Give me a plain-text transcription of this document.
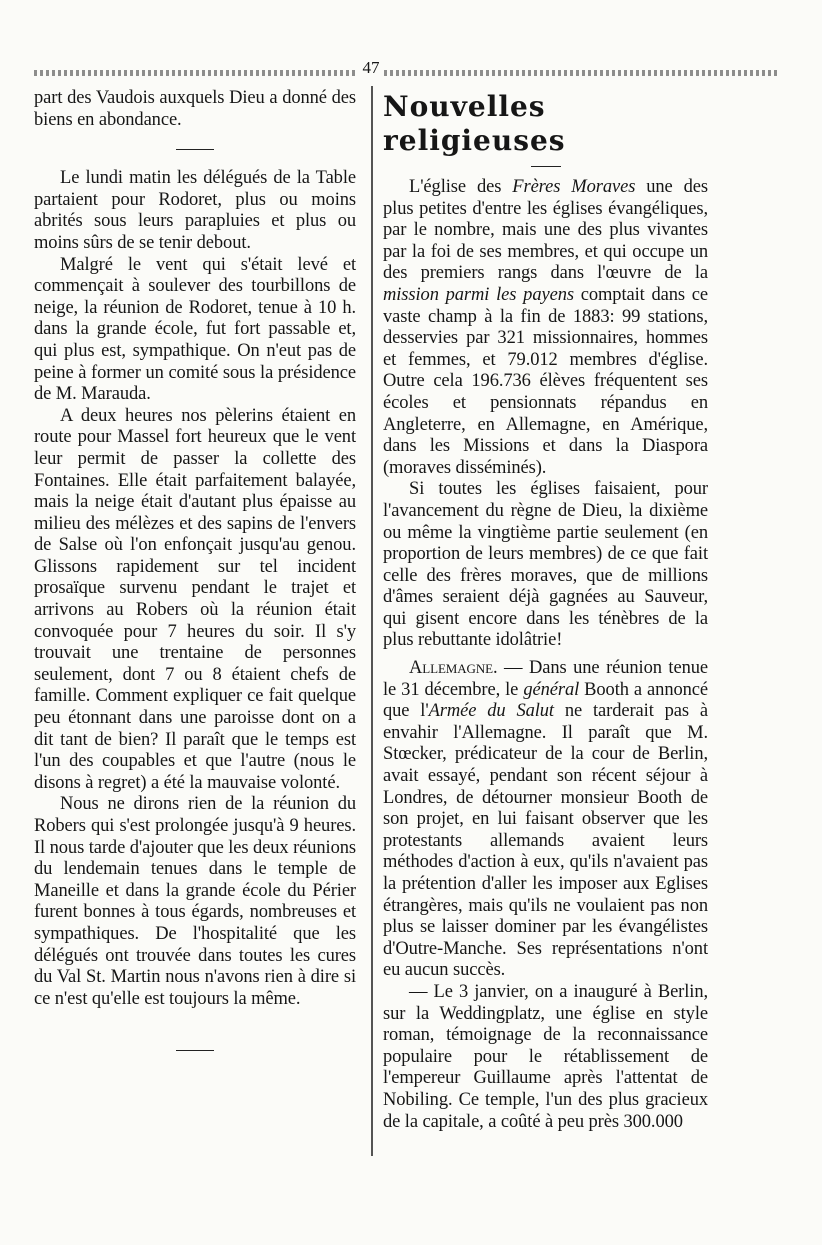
47

part des Vaudois auxquels Dieu a donné des biens en abondance.

Le lundi matin les délégués de la Table partaient pour Rodoret, plus ou moins abrités sous leurs parapluies et plus ou moins sûrs de se tenir debout.

Malgré le vent qui s'était levé et commençait à soulever des tourbillons de neige, la réunion de Rodoret, tenue à 10 h. dans la grande école, fut fort passable et, qui plus est, sympathique. On n'eut pas de peine à former un comité sous la présidence de M. Marauda.

A deux heures nos pèlerins étaient en route pour Massel fort heureux que le vent leur permit de passer la collette des Fontaines. Elle était parfaitement balayée, mais la neige était d'autant plus épaisse au milieu des mélèzes et des sapins de l'envers de Salse où l'on enfonçait jusqu'au genou. Glissons rapidement sur tel incident prosaïque survenu pendant le trajet et arrivons au Robers où la réunion était convoquée pour 7 heures du soir. Il s'y trouvait une trentaine de personnes seulement, dont 7 ou 8 étaient chefs de famille. Comment expliquer ce fait quelque peu étonnant dans une paroisse dont on a dit tant de bien? Il paraît que le temps est l'un des coupables et que l'autre (nous le disons à regret) a été la mauvaise volonté.

Nous ne dirons rien de la réunion du Robers qui s'est prolongée jusqu'à 9 heures. Il nous tarde d'ajouter que les deux réunions du lendemain tenues dans le temple de Maneille et dans la grande école du Périer furent bonnes à tous égards, nombreuses et sympathiques. De l'hospitalité que les délégués ont trouvée dans toutes les cures du Val St. Martin nous n'avons rien à dire si ce n'est qu'elle est toujours la même.

Nouvelles religieuses

L'église des Frères Moraves une des plus petites d'entre les églises évangéliques, par le nombre, mais une des plus vivantes par la foi de ses membres, et qui occupe un des premiers rangs dans l'œuvre de la mission parmi les payens comptait dans ce vaste champ à la fin de 1883: 99 stations, desservies par 321 missionnaires, hommes et femmes, et 79.012 membres d'église. Outre cela 196.736 élèves fréquentent ses écoles et pensionnats répandus en Angleterre, en Allemagne, en Amérique, dans les Missions et dans la Diaspora (moraves disséminés).

Si toutes les églises faisaient, pour l'avancement du règne de Dieu, la dixième ou même la vingtième partie seulement (en proportion de leurs membres) de ce que fait celle des frères moraves, que de millions d'âmes seraient déjà gagnées au Sauveur, qui gisent encore dans les ténèbres de la plus rebuttante idolâtrie!

Allemagne. — Dans une réunion tenue le 31 décembre, le général Booth a annoncé que l'Armée du Salut ne tarderait pas à envahir l'Allemagne. Il paraît que M. Stœcker, prédicateur de la cour de Berlin, avait essayé, pendant son récent séjour à Londres, de détourner monsieur Booth de son projet, en lui faisant observer que les protestants allemands avaient leurs méthodes d'action à eux, qu'ils n'avaient pas la prétention d'aller les imposer aux Eglises étrangères, mais qu'ils ne voulaient pas non plus se laisser dominer par les évangélistes d'Outre-Manche. Ses représentations n'ont eu aucun succès.

— Le 3 janvier, on a inauguré à Berlin, sur la Weddingplatz, une église en style roman, témoignage de la reconnaissance populaire pour le rétablissement de l'empereur Guillaume après l'attentat de Nobiling. Ce temple, l'un des plus gracieux de la capitale, a coûté à peu près 300.000
